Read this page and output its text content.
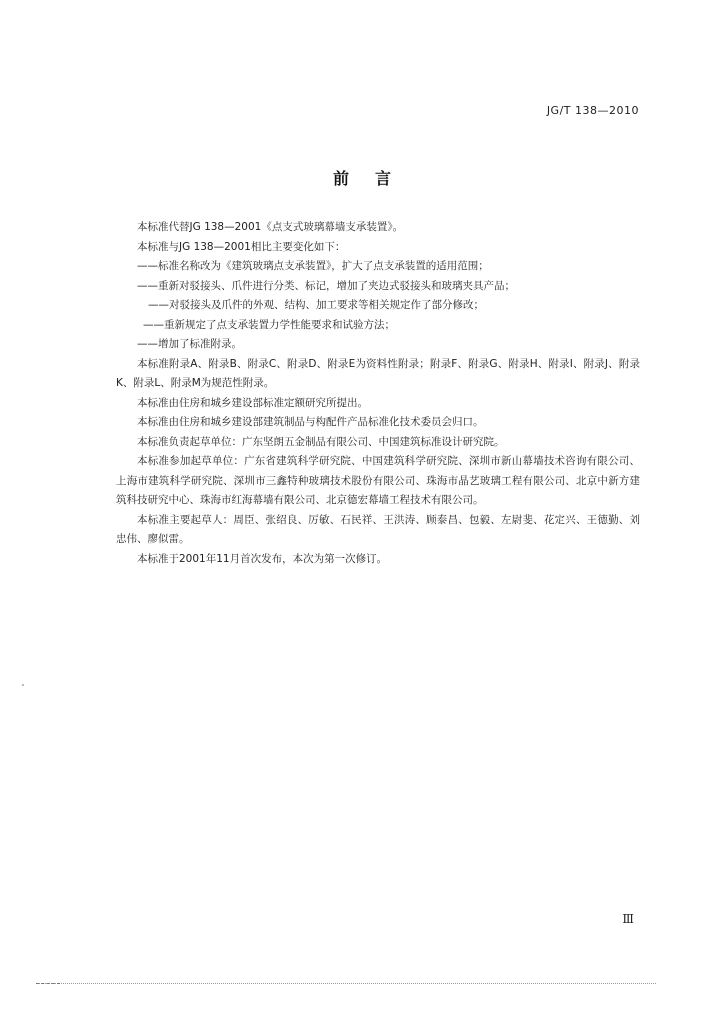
JG/T 138—2010
前言

本标准代替JG 138—2001《点支式玻璃幕墙支承装置》。

本标准与JG 138—2001相比主要变化如下：

——标准名称改为《建筑玻璃点支承装置》，扩大了点支承装置的适用范围；

——重新对驳接头、爪件进行分类、标记，增加了夹边式驳接头和玻璃夹具产品；

——对驳接头及爪件的外观、结构、加工要求等相关规定作了部分修改；

——重新规定了点支承装置力学性能要求和试验方法；

——增加了标准附录。

本标准附录A、附录B、附录C、附录D、附录E为资料性附录；附录F、附录G、附录H、附录I、附录J、附录K、附录L、附录M为规范性附录。

本标准由住房和城乡建设部标准定额研究所提出。

本标准由住房和城乡建设部建筑制品与构配件产品标准化技术委员会归口。

本标准负责起草单位：广东坚朗五金制品有限公司、中国建筑标准设计研究院。

本标准参加起草单位：广东省建筑科学研究院、中国建筑科学研究院、深圳市新山幕墙技术咨询有限公司、上海市建筑科学研究院、深圳市三鑫特种玻璃技术股份有限公司、珠海市晶艺玻璃工程有限公司、北京中新方建筑科技研究中心、珠海市红海幕墙有限公司、北京德宏幕墙工程技术有限公司。

本标准主要起草人：周臣、张绍良、厉敏、石民祥、王洪涛、顾泰昌、包毅、左尉斐、花定兴、王德勤、刘忠伟、廖似雷。

本标准于2001年11月首次发布，本次为第一次修订。

Ⅲ
